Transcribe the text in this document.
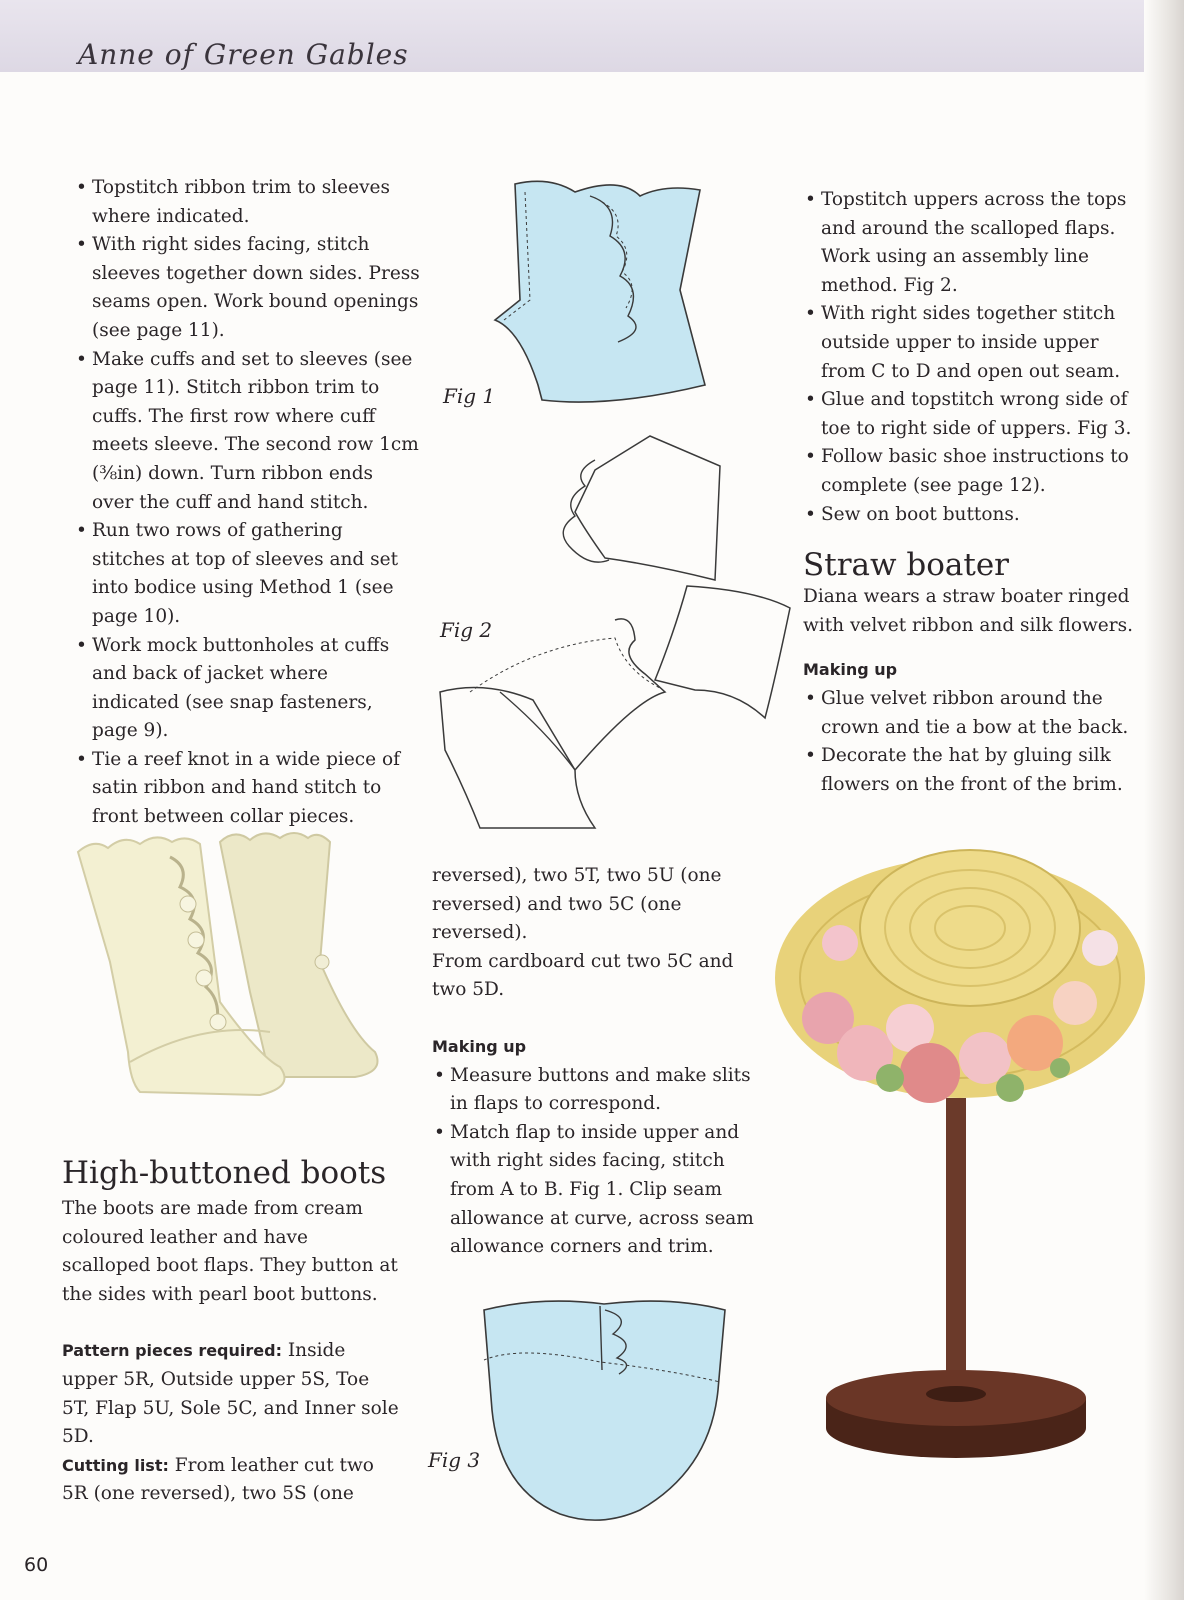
Anne of Green Gables
• Topstitch ribbon trim to sleeves where indicated.
• With right sides facing, stitch sleeves together down sides. Press seams open. Work bound openings (see page 11).
• Make cuffs and set to sleeves (see page 11). Stitch ribbon trim to cuffs. The first row where cuff meets sleeve. The second row 1cm (⅜in) down. Turn ribbon ends over the cuff and hand stitch.
• Run two rows of gathering stitches at top of sleeves and set into bodice using Method 1 (see page 10).
• Work mock buttonholes at cuffs and back of jacket where indicated (see snap fasteners, page 9).
• Tie a reef knot in a wide piece of satin ribbon and hand stitch to front between collar pieces.
High-buttoned boots

The boots are made from cream coloured leather and have scalloped boot flaps. They button at the sides with pearl boot buttons.

Pattern pieces required: Inside upper 5R, Outside upper 5S, Toe 5T, Flap 5U, Sole 5C, and Inner sole 5D.

Cutting list: From leather cut two 5R (one reversed), two 5S (one

Fig 1
Fig 2

reversed), two 5T, two 5U (one reversed) and two 5C (one reversed).

From cardboard cut two 5C and two 5D.

Making up

• Measure buttons and make slits in flaps to correspond.
• Match flap to inside upper and with right sides facing, stitch from A to B. Fig 1. Clip seam allowance at curve, across seam allowance corners and trim.
Fig 3
• Topstitch uppers across the tops and around the scalloped flaps. Work using an assembly line method. Fig 2.
• With right sides together stitch outside upper to inside upper from C to D and open out seam.
• Glue and topstitch wrong side of toe to right side of uppers. Fig 3.
• Follow basic shoe instructions to complete (see page 12).
• Sew on boot buttons.
Straw boater

Diana wears a straw boater ringed with velvet ribbon and silk flowers.

Making up

• Glue velvet ribbon around the crown and tie a bow at the back.
• Decorate the hat by gluing silk flowers on the front of the brim.
60
